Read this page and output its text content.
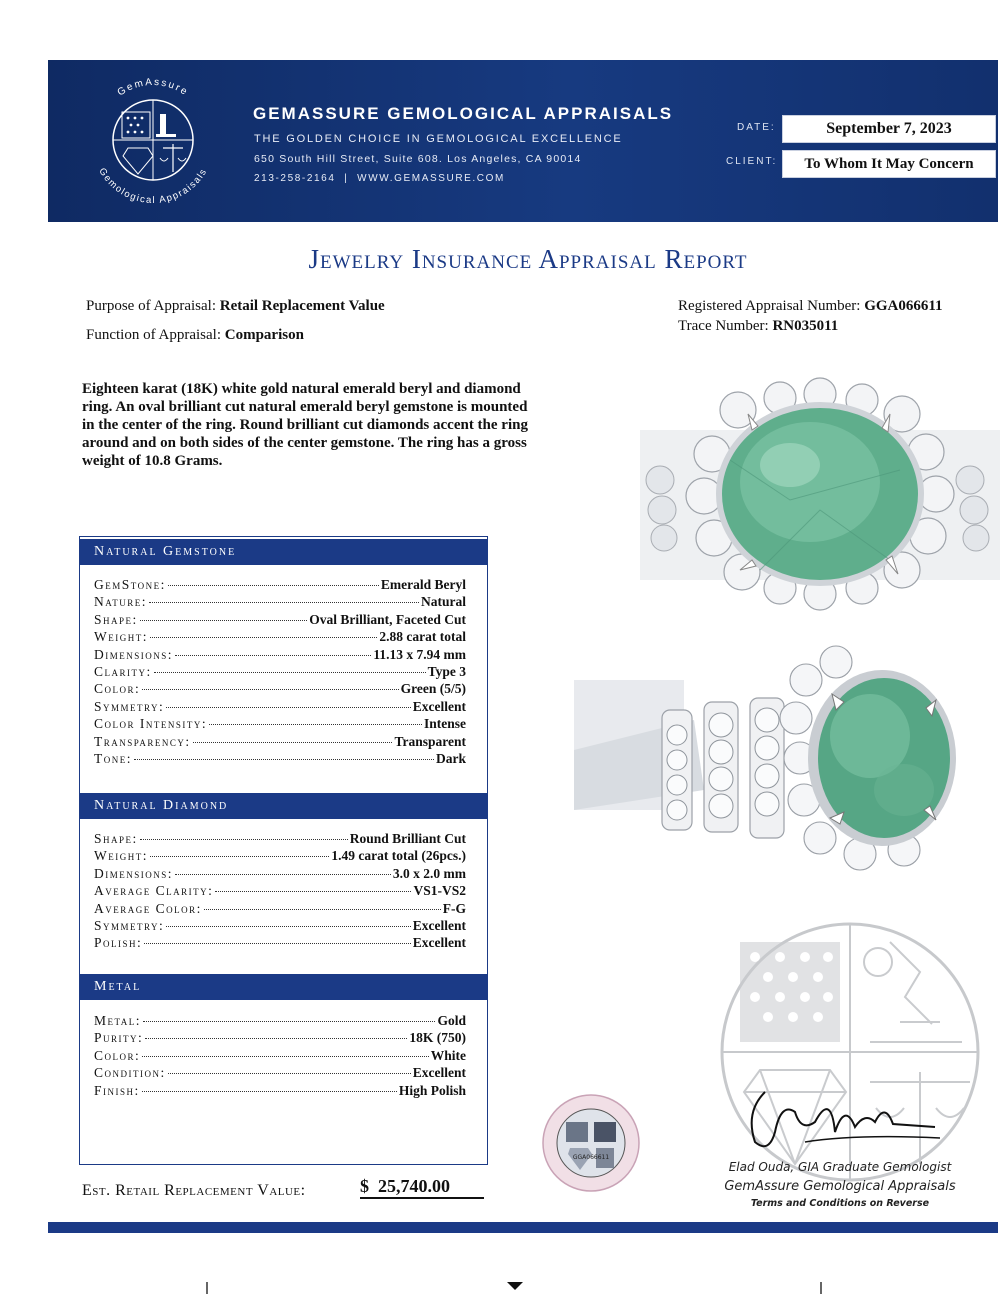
GemAssure
Gemological Appraisals
GEMASSURE GEMOLOGICAL APPRAISALS
THE GOLDEN CHOICE IN GEMOLOGICAL EXCELLENCE
650 South Hill Street, Suite 608. Los Angeles, CA 90014
213-258-2164  |  WWW.GEMASSURE.COM
DATE:	September 7, 2023
CLIENT:	To Whom It May Concern
Jewelry Insurance Appraisal Report
Purpose of Appraisal: Retail Replacement Value
Function of Appraisal: Comparison
Registered Appraisal Number: GGA066611
Trace Number: RN035011
Eighteen karat (18K) white gold natural emerald beryl and diamond ring. An oval brilliant cut natural emerald beryl gemstone is mounted in the center of the ring. Round brilliant cut diamonds accent the ring around and on both sides of the center gemstone. The ring has a gross weight of 10.8 Grams.
GGA066611
Elad Ouda, GIA Graduate Gemologist
GemAssure Gemological Appraisals
Terms and Conditions on Reverse
Natural Gemstone
GemStone:	Emerald Beryl
Nature:	Natural
Shape:	Oval Brilliant, Faceted Cut
Weight:	2.88 carat total
Dimensions:	11.13 x 7.94 mm
Clarity:	Type 3
Color:	Green (5/5)
Symmetry:	Excellent
Color Intensity:	Intense
Transparency:	Transparent
Tone:	Dark
Natural Diamond
Shape:	Round Brilliant Cut
Weight:	1.49 carat total (26pcs.)
Dimensions:	3.0 x 2.0 mm
Average Clarity:	VS1-VS2
Average Color:	F-G
Symmetry:	Excellent
Polish:	Excellent
Metal
Metal:	Gold
Purity:	18K (750)
Color:	White
Condition:	Excellent
Finish:	High Polish
Est. Retail Replacement Value:	$ 25,740.00
